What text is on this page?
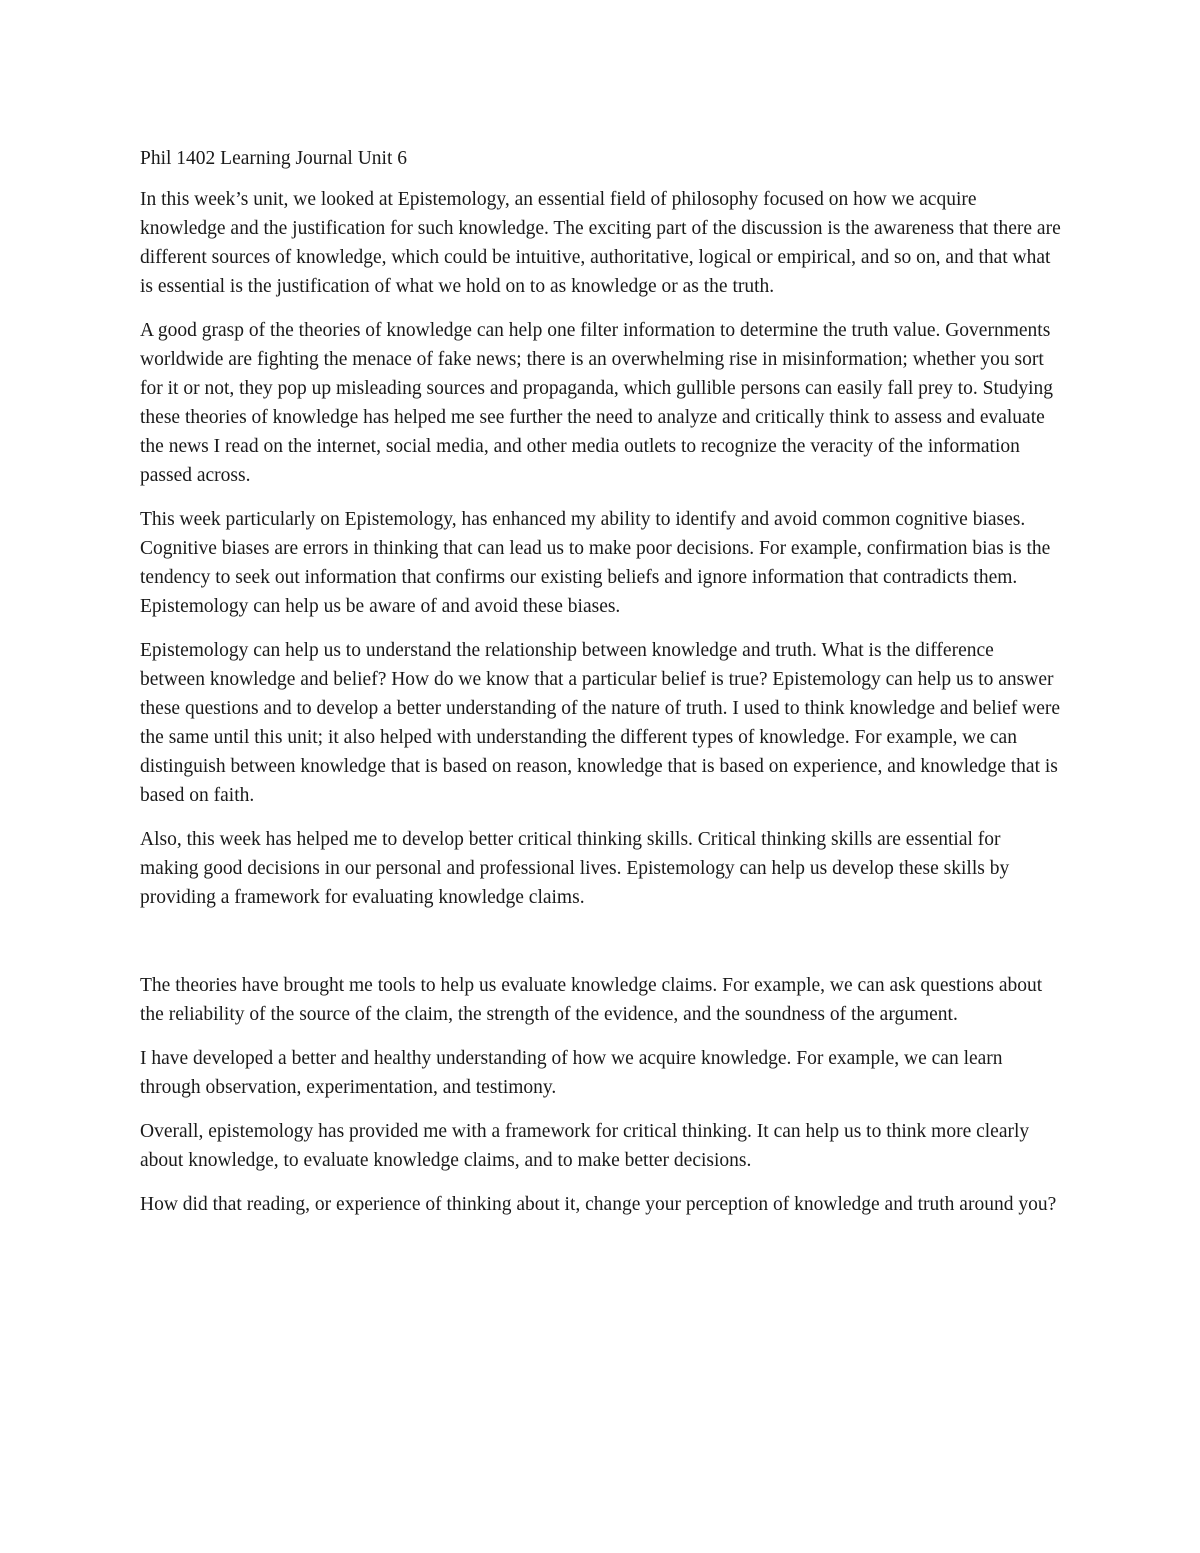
Phil 1402 Learning Journal Unit 6

In this week’s unit, we looked at Epistemology, an essential field of philosophy focused on how we acquire knowledge and the justification for such knowledge. The exciting part of the discussion is the awareness that there are different sources of knowledge, which could be intuitive, authoritative, logical or empirical, and so on, and that what is essential is the justification of what we hold on to as knowledge or as the truth.

A good grasp of the theories of knowledge can help one filter information to determine the truth value. Governments worldwide are fighting the menace of fake news; there is an overwhelming rise in misinformation; whether you sort for it or not, they pop up misleading sources and propaganda, which gullible persons can easily fall prey to. Studying these theories of knowledge has helped me see further the need to analyze and critically think to assess and evaluate the news I read on the internet, social media, and other media outlets to recognize the veracity of the information passed across.

This week particularly on Epistemology, has enhanced my ability to identify and avoid common cognitive biases. Cognitive biases are errors in thinking that can lead us to make poor decisions. For example, confirmation bias is the tendency to seek out information that confirms our existing beliefs and ignore information that contradicts them. Epistemology can help us be aware of and avoid these biases.

Epistemology can help us to understand the relationship between knowledge and truth. What is the difference between knowledge and belief? How do we know that a particular belief is true? Epistemology can help us to answer these questions and to develop a better understanding of the nature of truth. I used to think knowledge and belief were the same until this unit; it also helped with understanding the different types of knowledge. For example, we can distinguish between knowledge that is based on reason, knowledge that is based on experience, and knowledge that is based on faith.

Also, this week has helped me to develop better critical thinking skills. Critical thinking skills are essential for making good decisions in our personal and professional lives. Epistemology can help us develop these skills by providing a framework for evaluating knowledge claims.

The theories have brought me tools to help us evaluate knowledge claims. For example, we can ask questions about the reliability of the source of the claim, the strength of the evidence, and the soundness of the argument.

I have developed a better and healthy understanding of how we acquire knowledge. For example, we can learn through observation, experimentation, and testimony.

Overall, epistemology has provided me with a framework for critical thinking. It can help us to think more clearly about knowledge, to evaluate knowledge claims, and to make better decisions.

How did that reading, or experience of thinking about it, change your perception of knowledge and truth around you?
